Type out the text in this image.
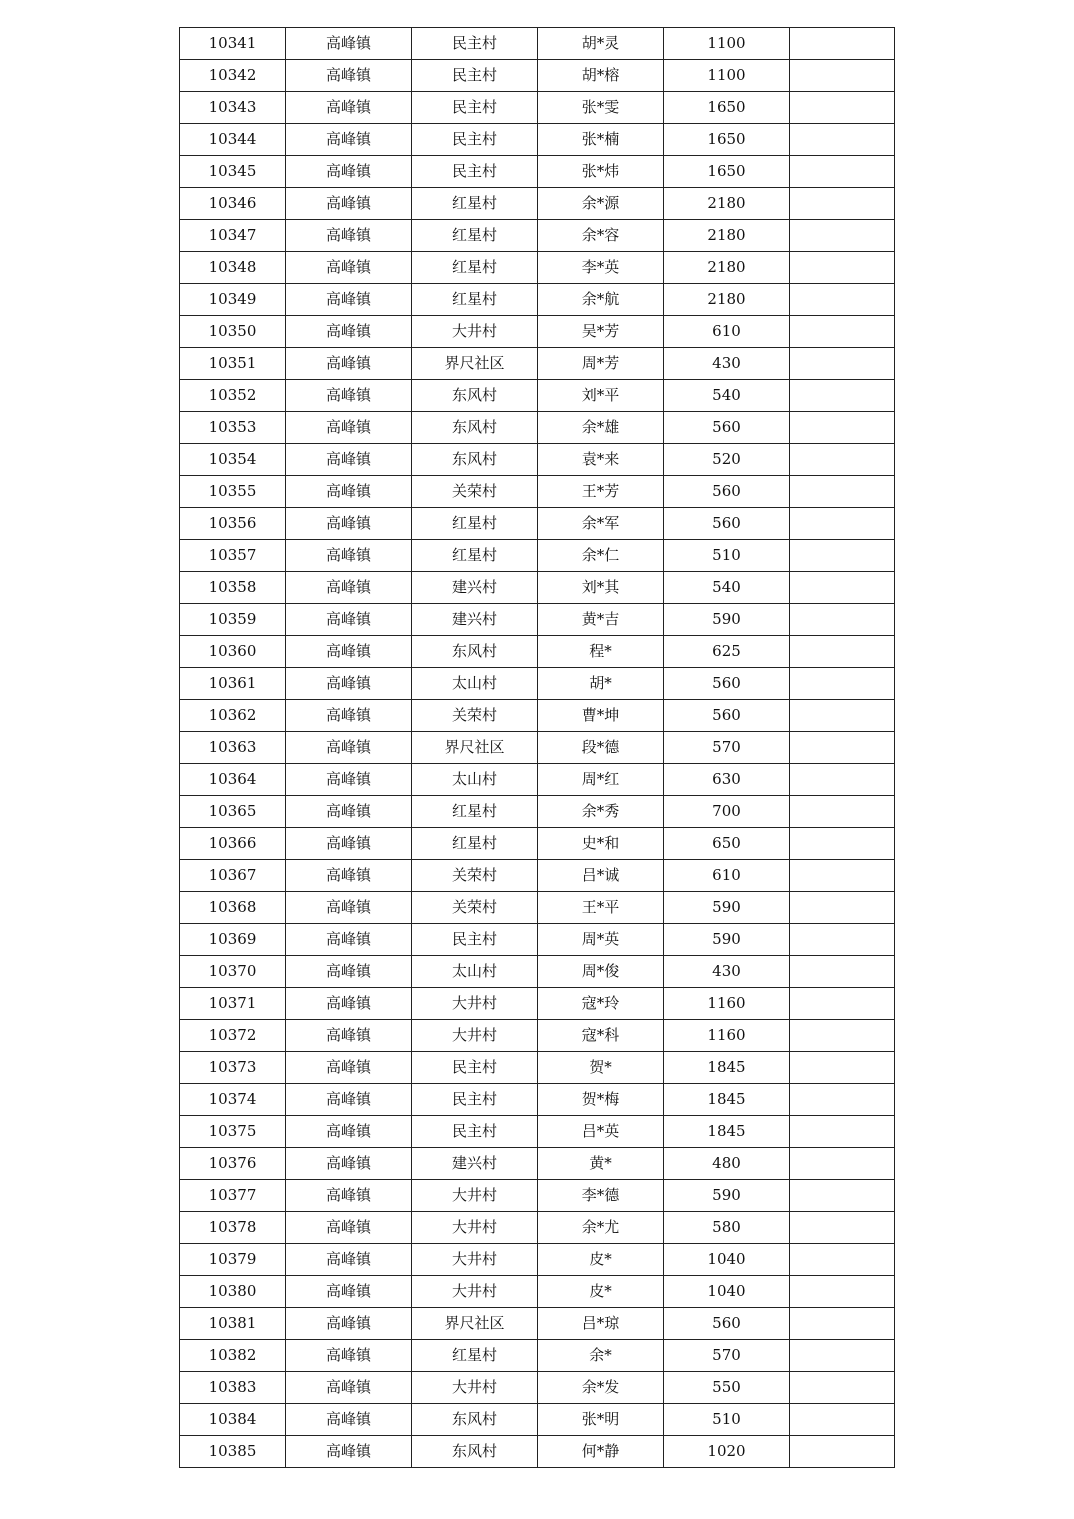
10341	高峰镇	民主村	胡*灵	1100	
10342	高峰镇	民主村	胡*榕	1100	
10343	高峰镇	民主村	张*雯	1650	
10344	高峰镇	民主村	张*楠	1650	
10345	高峰镇	民主村	张*炜	1650	
10346	高峰镇	红星村	余*源	2180	
10347	高峰镇	红星村	余*容	2180	
10348	高峰镇	红星村	李*英	2180	
10349	高峰镇	红星村	余*航	2180	
10350	高峰镇	大井村	吴*芳	610	
10351	高峰镇	界尺社区	周*芳	430	
10352	高峰镇	东风村	刘*平	540	
10353	高峰镇	东风村	余*雄	560	
10354	高峰镇	东风村	袁*来	520	
10355	高峰镇	关荣村	王*芳	560	
10356	高峰镇	红星村	余*军	560	
10357	高峰镇	红星村	余*仁	510	
10358	高峰镇	建兴村	刘*其	540	
10359	高峰镇	建兴村	黄*吉	590	
10360	高峰镇	东风村	程*	625	
10361	高峰镇	太山村	胡*	560	
10362	高峰镇	关荣村	曹*坤	560	
10363	高峰镇	界尺社区	段*德	570	
10364	高峰镇	太山村	周*红	630	
10365	高峰镇	红星村	余*秀	700	
10366	高峰镇	红星村	史*和	650	
10367	高峰镇	关荣村	吕*诚	610	
10368	高峰镇	关荣村	王*平	590	
10369	高峰镇	民主村	周*英	590	
10370	高峰镇	太山村	周*俊	430	
10371	高峰镇	大井村	寇*玲	1160	
10372	高峰镇	大井村	寇*科	1160	
10373	高峰镇	民主村	贺*	1845	
10374	高峰镇	民主村	贺*梅	1845	
10375	高峰镇	民主村	吕*英	1845	
10376	高峰镇	建兴村	黄*	480	
10377	高峰镇	大井村	李*德	590	
10378	高峰镇	大井村	余*尤	580	
10379	高峰镇	大井村	皮*	1040	
10380	高峰镇	大井村	皮*	1040	
10381	高峰镇	界尺社区	吕*琼	560	
10382	高峰镇	红星村	余*	570	
10383	高峰镇	大井村	余*发	550	
10384	高峰镇	东风村	张*明	510	
10385	高峰镇	东风村	何*静	1020	
